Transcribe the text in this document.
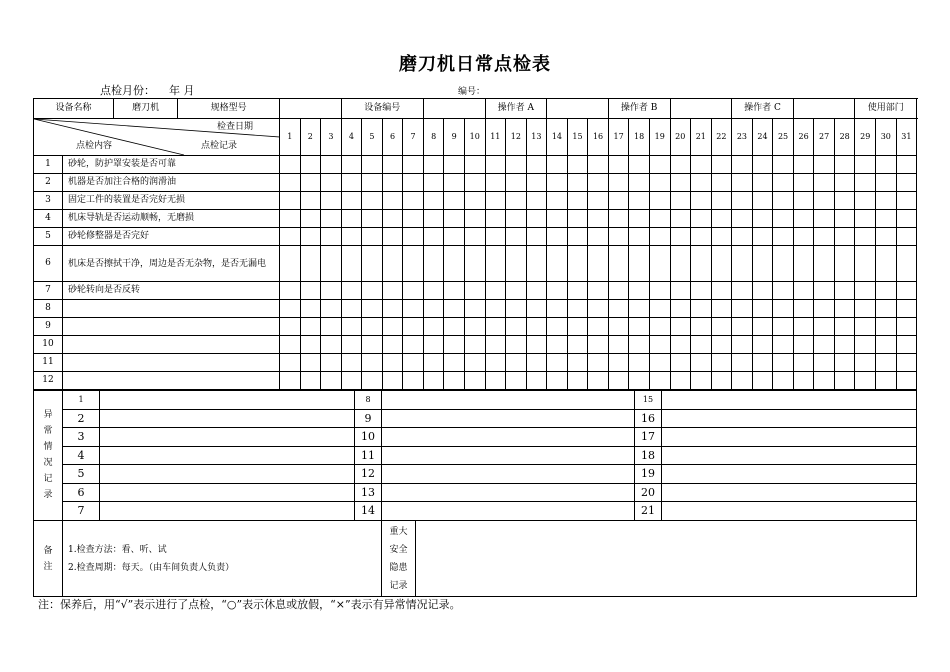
磨刀机日常点检表
点检月份： 年 月	编号：
设备名称 磨刀机 规格型号					设备编号							操作者 A						操作者 B						操作者 C						使用部门			

检查日期
点检内容 点检记录		1	2	3	4	5	6	7	8	9	10	11	12	13	14	15	16	17	18	19	20	21	22	23	24	25	26	27	28	29	30	31	
1	砂轮，防护罩安装是否可靠																																
2	机器是否加注合格的润滑油																																
3	固定工件的装置是否完好无损																																
4	机床导轨是否运动顺畅，无磨损																																
5	砂轮修整器是否完好																																
6	机床是否擦拭干净，周边是否无杂物，是否无漏电																																
7	砂轮转向是否反转																																
8																																	
9																																	
10																																	
11																																	
12																																	
异常情况记录	1		8		15	
	2		9		16	
	3		10		17	
	4		11		18	
	5		12		19	
	6		13		20	
	7		14		21	
备注

1.检查方法：看、听、试
2.检查周期：每天。（由车间负责人负责）

重大安全隐患记录

注：保养后，用“√”表示进行了点检，“○”表示休息或放假，“×”表示有异常情况记录。
